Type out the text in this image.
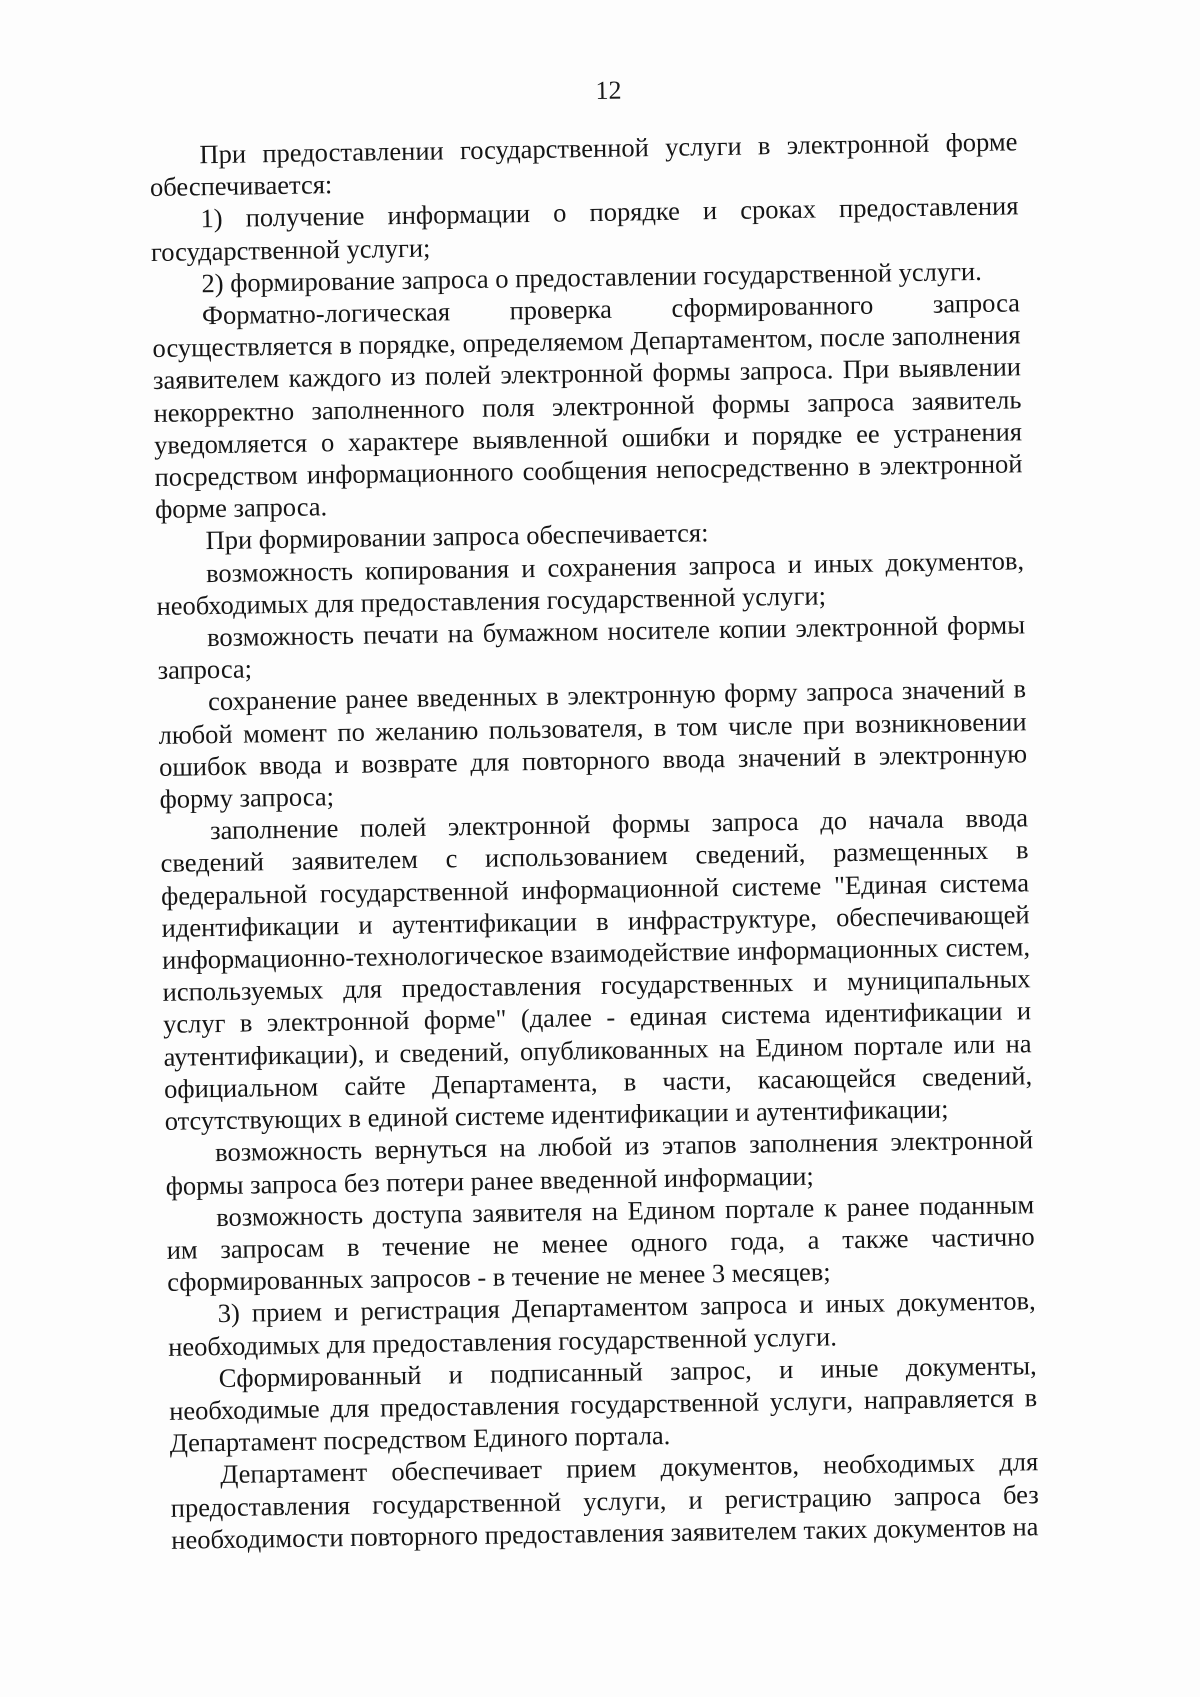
12

При предоставлении государственной услуги в электронной форме обеспечивается:

1) получение информации о порядке и сроках предоставления государственной услуги;

2) формирование запроса о предоставлении государственной услуги.

Форматно-логическая проверка сформированного запроса осуществляется в порядке, определяемом Департаментом, после заполнения заявителем каждого из полей электронной формы запроса. При выявлении некорректно заполненного поля электронной формы запроса заявитель уведомляется о характере выявленной ошибки и порядке ее устранения посредством информационного сообщения непосредственно в электронной форме запроса.

При формировании запроса обеспечивается:

возможность копирования и сохранения запроса и иных документов, необходимых для предоставления государственной услуги;

возможность печати на бумажном носителе копии электронной формы запроса;

сохранение ранее введенных в электронную форму запроса значений в любой момент по желанию пользователя, в том числе при возникновении ошибок ввода и возврате для повторного ввода значений в электронную форму запроса;

заполнение полей электронной формы запроса до начала ввода сведений заявителем с использованием сведений, размещенных в федеральной государственной информационной системе "Единая система идентификации и аутентификации в инфраструктуре, обеспечивающей информационно-технологическое взаимодействие информационных систем, используемых для предоставления государственных и муниципальных услуг в электронной форме" (далее - единая система идентификации и аутентификации), и сведений, опубликованных на Едином портале или на официальном сайте Департамента, в части, касающейся сведений, отсутствующих в единой системе идентификации и аутентификации;

возможность вернуться на любой из этапов заполнения электронной формы запроса без потери ранее введенной информации;

возможность доступа заявителя на Едином портале к ранее поданным им запросам в течение не менее одного года, а также частично сформированных запросов - в течение не менее 3 месяцев;

3) прием и регистрация Департаментом запроса и иных документов, необходимых для предоставления государственной услуги.

Сформированный и подписанный запрос, и иные документы, необходимые для предоставления государственной услуги, направляется в Департамент посредством Единого портала.

Департамент обеспечивает прием документов, необходимых для предоставления государственной услуги, и регистрацию запроса без необходимости повторного предоставления заявителем таких документов на
